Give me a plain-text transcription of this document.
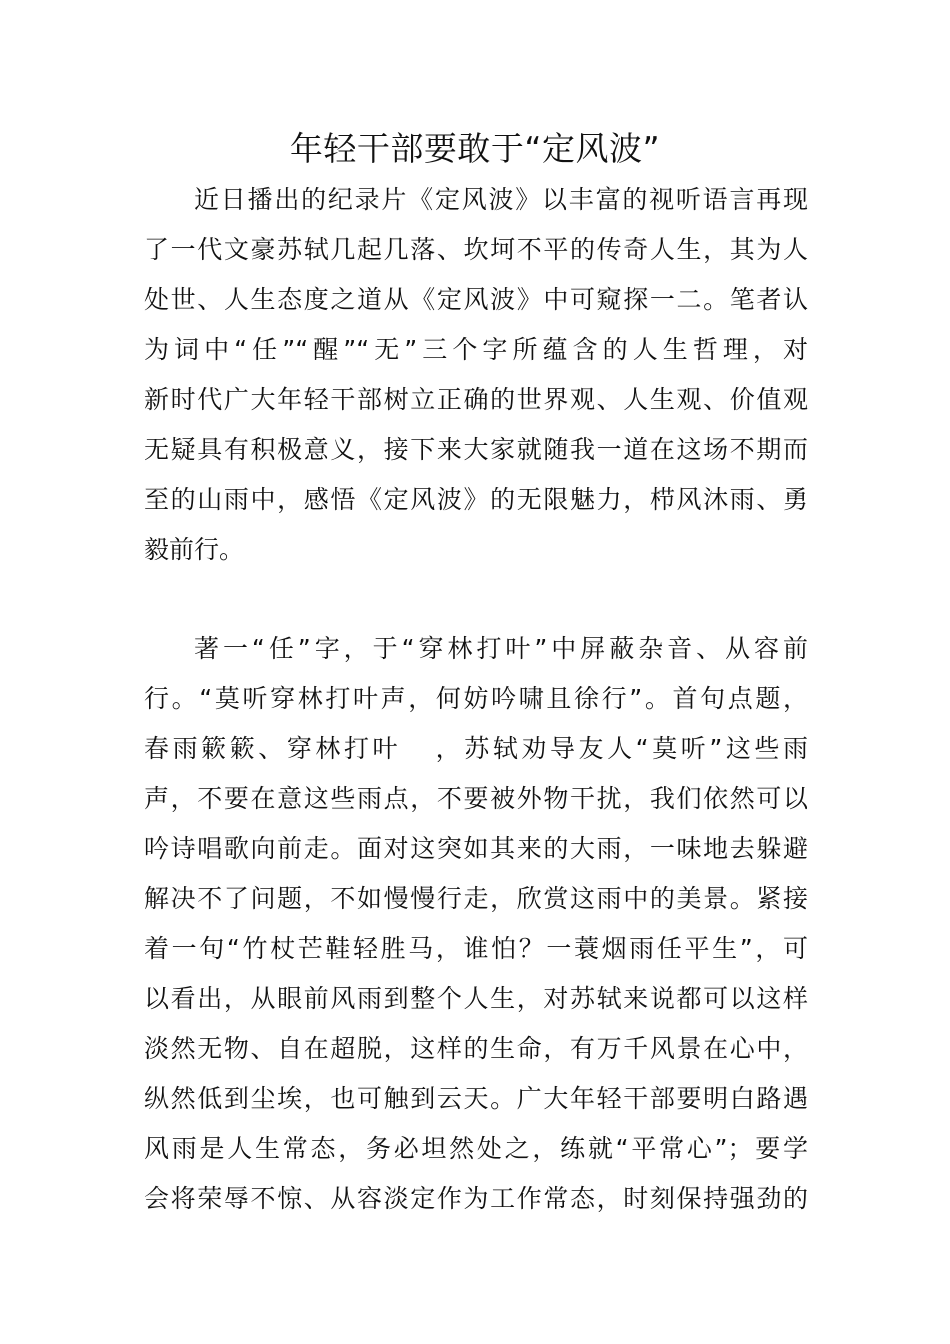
年轻干部要敢于“定风波”

近日播出的纪录片《定风波》以丰富的视听语言再现

了一代文豪苏轼几起几落、坎坷不平的传奇人生，其为人

处世、人生态度之道从《定风波》中可窥探一二。笔者认

为词中“任”“醒”“无”三个字所蕴含的人生哲理，对

新时代广大年轻干部树立正确的世界观、人生观、价值观

无疑具有积极意义，接下来大家就随我一道在这场不期而

至的山雨中，感悟《定风波》的无限魅力，栉风沐雨、勇

毅前行。

著一“任”字，于“穿林打叶”中屏蔽杂音、从容前

行。“莫听穿林打叶声，何妨吟啸且徐行”。首句点题，

春雨簌簌、穿林打叶   ，苏轼劝导友人“莫听”这些雨

声，不要在意这些雨点，不要被外物干扰，我们依然可以

吟诗唱歌向前走。面对这突如其来的大雨，一味地去躲避

解决不了问题，不如慢慢行走，欣赏这雨中的美景。紧接

着一句“竹杖芒鞋轻胜马，谁怕？一蓑烟雨任平生”，可

以看出，从眼前风雨到整个人生，对苏轼来说都可以这样

淡然无物、自在超脱，这样的生命，有万千风景在心中，

纵然低到尘埃，也可触到云天。广大年轻干部要明白路遇

风雨是人生常态，务必坦然处之，练就“平常心”；要学

会将荣辱不惊、从容淡定作为工作常态，时刻保持强劲的
